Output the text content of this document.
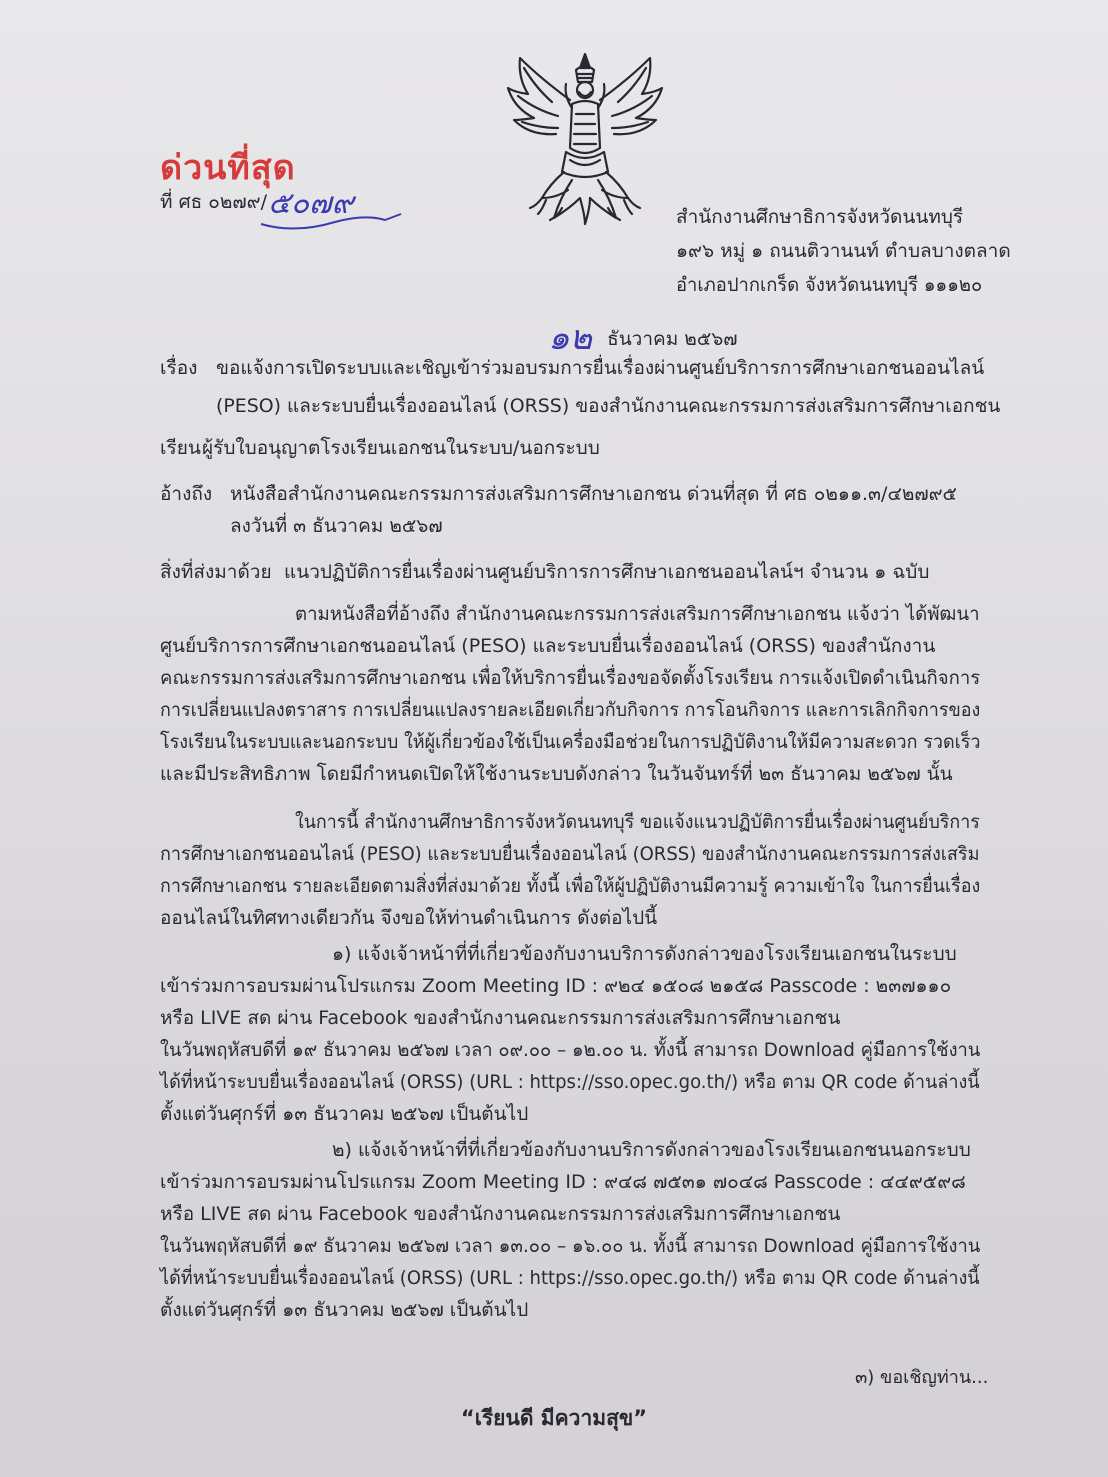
ด่วนที่สุด
ที่ ศธ ๐๒๗๙/ ๕๐๗๙	สำนักงานศึกษาธิการจังหวัดนนทบุรี
๑๙๖ หมู่ ๑ ถนนติวานนท์ ตำบลบางตลาด
อำเภอปากเกร็ด จังหวัดนนทบุรี ๑๑๑๒๐
๑๒ ธันวาคม ๒๕๖๗
เรื่อง ขอแจ้งการเปิดระบบและเชิญเข้าร่วมอบรมการยื่นเรื่องผ่านศูนย์บริการการศึกษาเอกชนออนไลน์
(PESO) และระบบยื่นเรื่องออนไลน์ (ORSS) ของสำนักงานคณะกรรมการส่งเสริมการศึกษาเอกชน
เรียน ผู้รับใบอนุญาตโรงเรียนเอกชนในระบบ/นอกระบบ
อ้างถึง หนังสือสำนักงานคณะกรรมการส่งเสริมการศึกษาเอกชน ด่วนที่สุด ที่ ศธ ๐๒๑๑.๓/๔๒๗๙๕
ลงวันที่ ๓ ธันวาคม ๒๕๖๗
สิ่งที่ส่งมาด้วย แนวปฏิบัติการยื่นเรื่องผ่านศูนย์บริการการศึกษาเอกชนออนไลน์ฯ จำนวน ๑ ฉบับ
ตามหนังสือที่อ้างถึง สำนักงานคณะกรรมการส่งเสริมการศึกษาเอกชน แจ้งว่า ได้พัฒนา
ศูนย์บริการการศึกษาเอกชนออนไลน์ (PESO) และระบบยื่นเรื่องออนไลน์ (ORSS) ของสำนักงาน
คณะกรรมการส่งเสริมการศึกษาเอกชน เพื่อให้บริการยื่นเรื่องขอจัดตั้งโรงเรียน การแจ้งเปิดดำเนินกิจการ
การเปลี่ยนแปลงตราสาร การเปลี่ยนแปลงรายละเอียดเกี่ยวกับกิจการ การโอนกิจการ และการเลิกกิจการของ
โรงเรียนในระบบและนอกระบบ ให้ผู้เกี่ยวข้องใช้เป็นเครื่องมือช่วยในการปฏิบัติงานให้มีความสะดวก รวดเร็ว
และมีประสิทธิภาพ โดยมีกำหนดเปิดให้ใช้งานระบบดังกล่าว ในวันจันทร์ที่ ๒๓ ธันวาคม ๒๕๖๗ นั้น
ในการนี้ สำนักงานศึกษาธิการจังหวัดนนทบุรี ขอแจ้งแนวปฏิบัติการยื่นเรื่องผ่านศูนย์บริการ
การศึกษาเอกชนออนไลน์ (PESO) และระบบยื่นเรื่องออนไลน์ (ORSS) ของสำนักงานคณะกรรมการส่งเสริม
การศึกษาเอกชน รายละเอียดตามสิ่งที่ส่งมาด้วย ทั้งนี้ เพื่อให้ผู้ปฏิบัติงานมีความรู้ ความเข้าใจ ในการยื่นเรื่อง
ออนไลน์ในทิศทางเดียวกัน จึงขอให้ท่านดำเนินการ ดังต่อไปนี้
๑) แจ้งเจ้าหน้าที่ที่เกี่ยวข้องกับงานบริการดังกล่าวของโรงเรียนเอกชนในระบบ
เข้าร่วมการอบรมผ่านโปรแกรม Zoom Meeting ID : ๙๒๔ ๑๕๐๘ ๒๑๕๘ Passcode : ๒๓๗๑๑๐
หรือ LIVE สด ผ่าน Facebook ของสำนักงานคณะกรรมการส่งเสริมการศึกษาเอกชน
ในวันพฤหัสบดีที่ ๑๙ ธันวาคม ๒๕๖๗ เวลา ๐๙.๐๐ – ๑๒.๐๐ น. ทั้งนี้ สามารถ Download คู่มือการใช้งาน
ได้ที่หน้าระบบยื่นเรื่องออนไลน์ (ORSS) (URL : https://sso.opec.go.th/) หรือ ตาม QR code ด้านล่างนี้
ตั้งแต่วันศุกร์ที่ ๑๓ ธันวาคม ๒๕๖๗ เป็นต้นไป
๒) แจ้งเจ้าหน้าที่ที่เกี่ยวข้องกับงานบริการดังกล่าวของโรงเรียนเอกชนนอกระบบ
เข้าร่วมการอบรมผ่านโปรแกรม Zoom Meeting ID : ๙๔๘ ๗๕๓๑ ๗๐๔๘ Passcode : ๔๔๙๕๙๘
หรือ LIVE สด ผ่าน Facebook ของสำนักงานคณะกรรมการส่งเสริมการศึกษาเอกชน
ในวันพฤหัสบดีที่ ๑๙ ธันวาคม ๒๕๖๗ เวลา ๑๓.๐๐ – ๑๖.๐๐ น. ทั้งนี้ สามารถ Download คู่มือการใช้งาน
ได้ที่หน้าระบบยื่นเรื่องออนไลน์ (ORSS) (URL : https://sso.opec.go.th/) หรือ ตาม QR code ด้านล่างนี้
ตั้งแต่วันศุกร์ที่ ๑๓ ธันวาคม ๒๕๖๗ เป็นต้นไป
๓) ขอเชิญท่าน...
“เรียนดี มีความสุข”
